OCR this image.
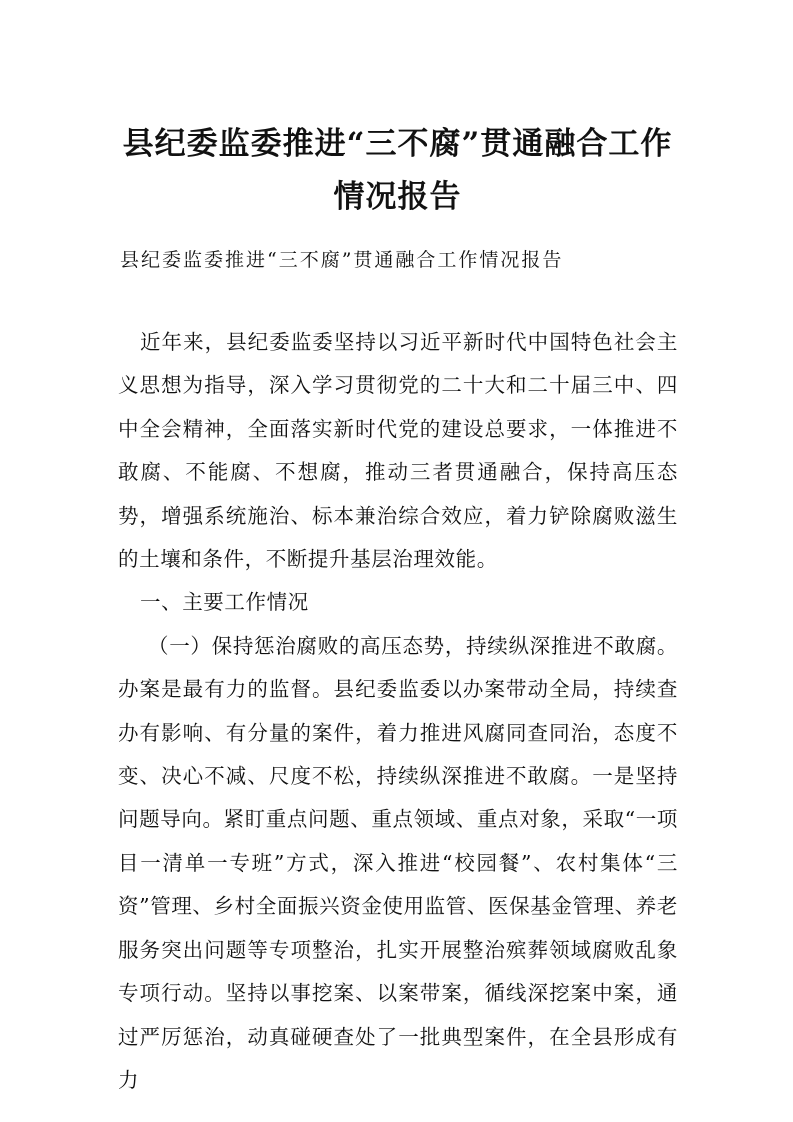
县纪委监委推进“三不腐”贯通融合工作情况报告

县纪委监委推进“三不腐”贯通融合工作情况报告

近年来，县纪委监委坚持以习近平新时代中国特色社会主义思想为指导，深入学习贯彻党的二十大和二十届三中、四中全会精神，全面落实新时代党的建设总要求，一体推进不敢腐、不能腐、不想腐，推动三者贯通融合，保持高压态势，增强系统施治、标本兼治综合效应，着力铲除腐败滋生的土壤和条件，不断提升基层治理效能。

一、主要工作情况

（一）保持惩治腐败的高压态势，持续纵深推进不敢腐。办案是最有力的监督。县纪委监委以办案带动全局，持续查办有影响、有分量的案件，着力推进风腐同查同治，态度不变、决心不减、尺度不松，持续纵深推进不敢腐。一是坚持问题导向。紧盯重点问题、重点领域、重点对象，采取“一项目一清单一专班”方式，深入推进“校园餐”、农村集体“三资”管理、乡村全面振兴资金使用监管、医保基金管理、养老服务突出问题等专项整治，扎实开展整治殡葬领域腐败乱象专项行动。坚持以事挖案、以案带案，循线深挖案中案，通过严厉惩治，动真碰硬查处了一批典型案件，在全县形成有力
